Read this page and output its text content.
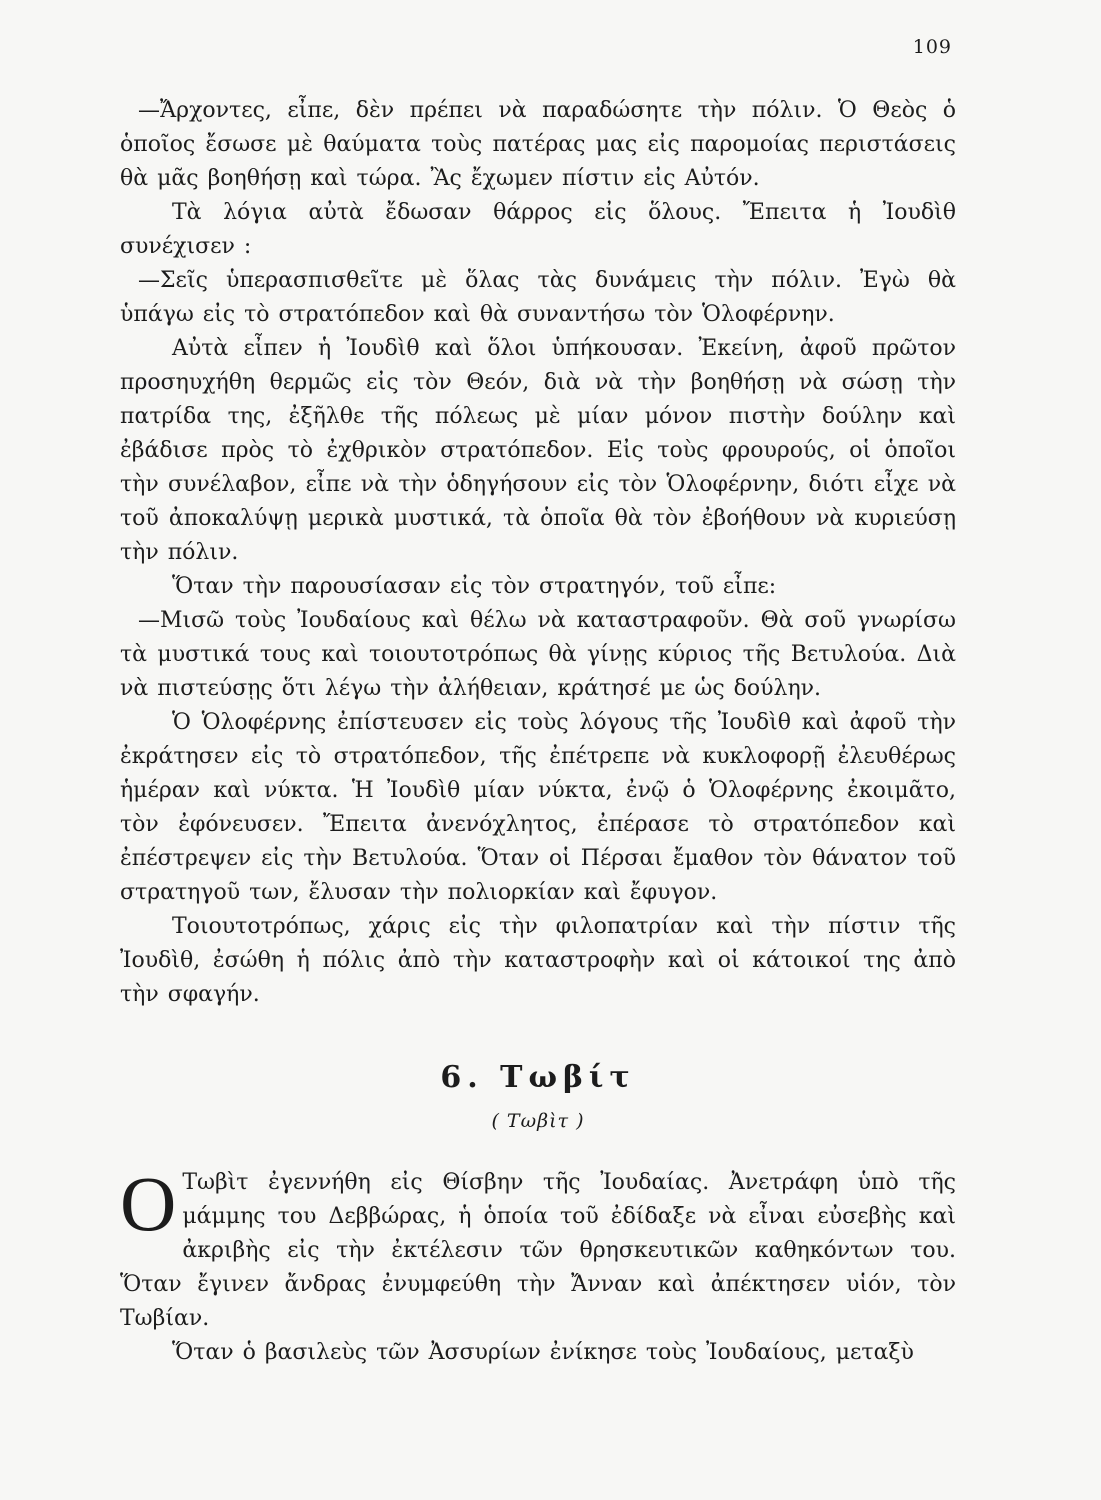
109

—Ἄρχοντες, εἶπε, δὲν πρέπει νὰ παραδώσητε τὴν πόλιν. Ὁ Θεὸς ὁ ὁποῖος ἔσωσε μὲ θαύματα τοὺς πατέρας μας εἰς παρομοίας περιστάσεις θὰ μᾶς βοηθήσῃ καὶ τώρα. Ἂς ἔχωμεν πίστιν εἰς Αὐτόν.

Τὰ λόγια αὐτὰ ἔδωσαν θάρρος εἰς ὅλους. Ἔπειτα ἡ Ἰουδὶθ συνέχισεν :

—Σεῖς ὑπερασπισθεῖτε μὲ ὅλας τὰς δυνάμεις τὴν πόλιν. Ἐγὼ θὰ ὑπάγω εἰς τὸ στρατόπεδον καὶ θὰ συναντήσω τὸν Ὁλοφέρνην.

Αὐτὰ εἶπεν ἡ Ἰουδὶθ καὶ ὅλοι ὑπήκουσαν. Ἐκείνη, ἀφοῦ πρῶτον προσηυχήθη θερμῶς εἰς τὸν Θεόν, διὰ νὰ τὴν βοηθήσῃ νὰ σώσῃ τὴν πατρίδα της, ἐξῆλθε τῆς πόλεως μὲ μίαν μόνον πιστὴν δούλην καὶ ἐβάδισε πρὸς τὸ ἐχθρικὸν στρατόπεδον. Εἰς τοὺς φρουρούς, οἱ ὁποῖοι τὴν συνέλαβον, εἶπε νὰ τὴν ὁδηγήσουν εἰς τὸν Ὁλοφέρνην, διότι εἶχε νὰ τοῦ ἀποκαλύψῃ μερικὰ μυστικά, τὰ ὁποῖα θὰ τὸν ἐβοήθουν νὰ κυριεύσῃ τὴν πόλιν.

Ὅταν τὴν παρουσίασαν εἰς τὸν στρατηγόν, τοῦ εἶπε:

—Μισῶ τοὺς Ἰουδαίους καὶ θέλω νὰ καταστραφοῦν. Θὰ σοῦ γνωρίσω τὰ μυστικά τους καὶ τοιουτοτρόπως θὰ γίνῃς κύριος τῆς Βετυλούα. Διὰ νὰ πιστεύσῃς ὅτι λέγω τὴν ἀλήθειαν, κράτησέ με ὡς δούλην.

Ὁ Ὁλοφέρνης ἐπίστευσεν εἰς τοὺς λόγους τῆς Ἰουδὶθ καὶ ἀφοῦ τὴν ἐκράτησεν εἰς τὸ στρατόπεδον, τῆς ἐπέτρεπε νὰ κυκλοφορῇ ἐλευθέρως ἡμέραν καὶ νύκτα. Ἡ Ἰουδὶθ μίαν νύκτα, ἐνῷ ὁ Ὁλοφέρνης ἐκοιμᾶτο, τὸν ἐφόνευσεν. Ἔπειτα ἀνενόχλητος, ἐπέρασε τὸ στρατόπεδον καὶ ἐπέστρεψεν εἰς τὴν Βετυλούα. Ὅταν οἱ Πέρσαι ἔμαθον τὸν θάνατον τοῦ στρατηγοῦ των, ἔλυσαν τὴν πολιορκίαν καὶ ἔφυγον.

Τοιουτοτρόπως, χάρις εἰς τὴν φιλοπατρίαν καὶ τὴν πίστιν τῆς Ἰουδὶθ, ἐσώθη ἡ πόλις ἀπὸ τὴν καταστροφὴν καὶ οἱ κάτοικοί της ἀπὸ τὴν σφαγήν.

6. Τωβίτ
( Τωβὶτ )

Ο Τωβὶτ ἐγεννήθη εἰς Θίσβην τῆς Ἰουδαίας. Ἀνετράφη ὑπὸ τῆς μάμμης του Δεββώρας, ἡ ὁποία τοῦ ἐδίδαξε νὰ εἶναι εὐσεβὴς καὶ ἀκριβὴς εἰς τὴν ἐκτέλεσιν τῶν θρησκευτικῶν καθηκόντων του. Ὅταν ἔγινεν ἄνδρας ἐνυμφεύθη τὴν Ἄνναν καὶ ἀπέκτησεν υἱόν, τὸν Τωβίαν.

Ὅταν ὁ βασιλεὺς τῶν Ἀσσυρίων ἐνίκησε τοὺς Ἰουδαίους, μεταξὺ
